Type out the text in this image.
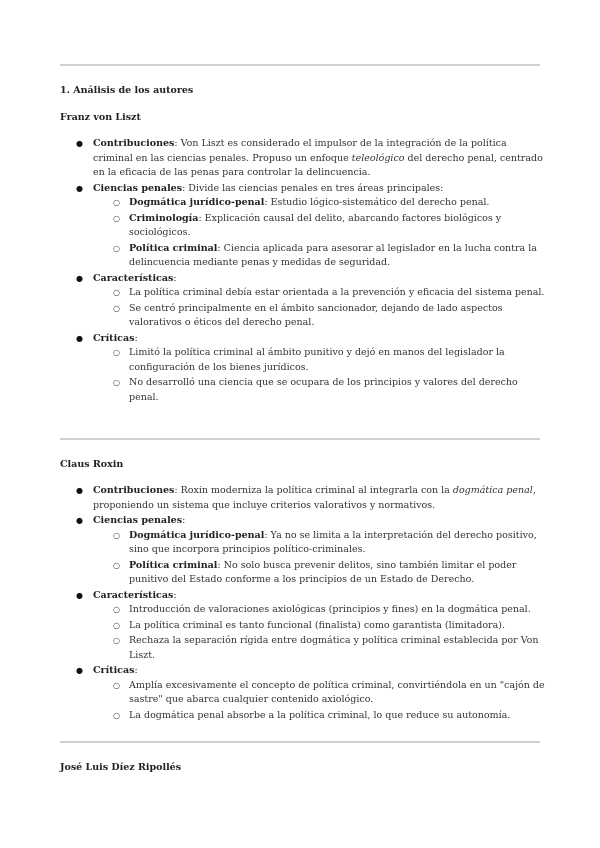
1. Análisis de los autores
Franz von Liszt
● Contribuciones: Von Liszt es considerado el impulsor de la integración de la política criminal en las ciencias penales. Propuso un enfoque teleológico del derecho penal, centrado en la eficacia de las penas para controlar la delincuencia.
● Ciencias penales: Divide las ciencias penales en tres áreas principales:
○ Dogmática jurídico-penal: Estudio lógico-sistemático del derecho penal.
○ Criminología: Explicación causal del delito, abarcando factores biológicos y sociológicos.
○ Política criminal: Ciencia aplicada para asesorar al legislador en la lucha contra la delincuencia mediante penas y medidas de seguridad.
● Características:
○ La política criminal debía estar orientada a la prevención y eficacia del sistema penal.
○ Se centró principalmente en el ámbito sancionador, dejando de lado aspectos valorativos o éticos del derecho penal.
● Críticas:
○ Limitó la política criminal al ámbito punitivo y dejó en manos del legislador la configuración de los bienes jurídicos.
○ No desarrolló una ciencia que se ocupara de los principios y valores del derecho penal.
Claus Roxin
● Contribuciones: Roxin moderniza la política criminal al integrarla con la dogmática penal, proponiendo un sistema que incluye criterios valorativos y normativos.
● Ciencias penales:
○ Dogmática jurídico-penal: Ya no se limita a la interpretación del derecho positivo, sino que incorpora principios político-criminales.
○ Política criminal: No solo busca prevenir delitos, sino también limitar el poder punitivo del Estado conforme a los principios de un Estado de Derecho.
● Características:
○ Introducción de valoraciones axiológicas (principios y fines) en la dogmática penal.
○ La política criminal es tanto funcional (finalista) como garantista (limitadora).
○ Rechaza la separación rígida entre dogmática y política criminal establecida por Von Liszt.
● Críticas:
○ Amplía excesivamente el concepto de política criminal, convirtiéndola en un "cajón de sastre" que abarca cualquier contenido axiológico.
○ La dogmática penal absorbe a la política criminal, lo que reduce su autonomía.
José Luis Díez Ripollés
